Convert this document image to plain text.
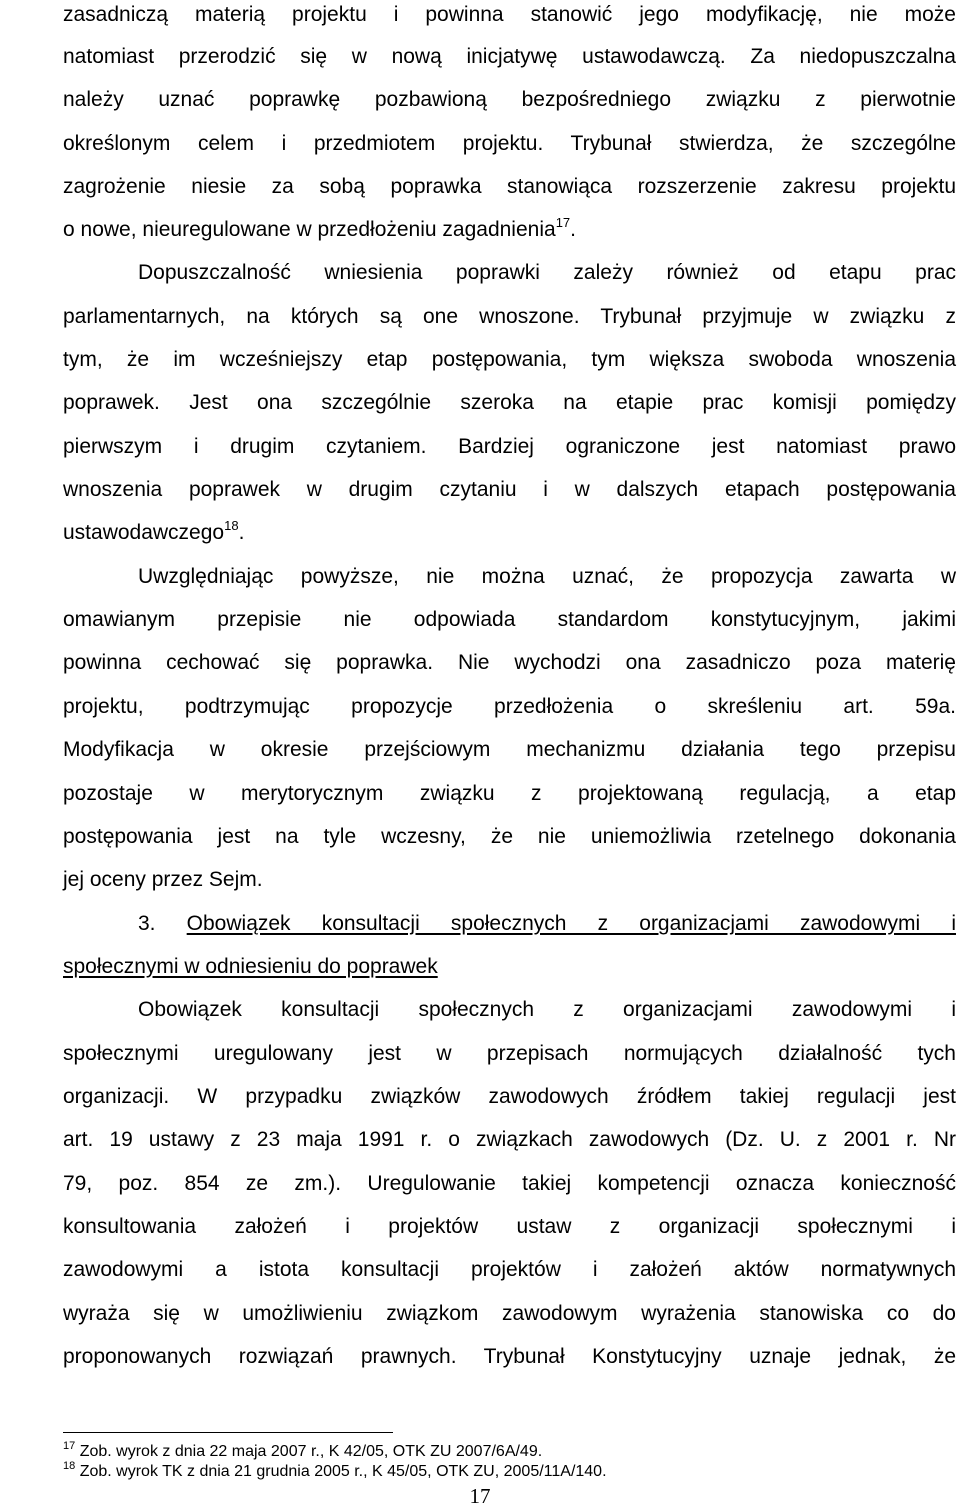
zasadniczą materią projektu i powinna stanowić jego modyfikację, nie może

natomiast przerodzić się w nową inicjatywę ustawodawczą. Za niedopuszczalna

należy uznać poprawkę pozbawioną bezpośredniego związku z pierwotnie

określonym celem i przedmiotem projektu. Trybunał stwierdza, że szczególne

zagrożenie niesie za sobą poprawka stanowiąca rozszerzenie zakresu projektu

o nowe, nieuregulowane w przedłożeniu zagadnienia$^{17}$.

Dopuszczalność wniesienia poprawki zależy również od etapu prac

parlamentarnych, na których są one wnoszone. Trybunał przyjmuje w związku z

tym, że im wcześniejszy etap postępowania, tym większa swoboda wnoszenia

poprawek. Jest ona szczególnie szeroka na etapie prac komisji pomiędzy

pierwszym i drugim czytaniem. Bardziej ograniczone jest natomiast prawo

wnoszenia poprawek w drugim czytaniu i w dalszych etapach postępowania

ustawodawczego$^{18}$.

Uwzględniając powyższe, nie można uznać, że propozycja zawarta w

omawianym przepisie nie odpowiada standardom konstytucyjnym, jakimi

powinna cechować się poprawka. Nie wychodzi ona zasadniczo poza materię

projektu, podtrzymując propozycje przedłożenia o skreśleniu art. 59a.

Modyfikacja w okresie przejściowym mechanizmu działania tego przepisu

pozostaje w merytorycznym związku z projektowaną regulacją, a etap

postępowania jest na tyle wczesny, że nie uniemożliwia rzetelnego dokonania

jej oceny przez Sejm.

3. Obowiązek konsultacji społecznych z organizacjami zawodowymi i

społecznymi w odniesieniu do poprawek

Obowiązek konsultacji społecznych z organizacjami zawodowymi i

społecznymi uregulowany jest w przepisach normujących działalność tych

organizacji. W przypadku związków zawodowych źródłem takiej regulacji jest

art. 19 ustawy z 23 maja 1991 r. o związkach zawodowych (Dz. U. z 2001 r. Nr

79, poz. 854 ze zm.). Uregulowanie takiej kompetencji oznacza konieczność

konsultowania założeń i projektów ustaw z organizacji społecznymi i

zawodowymi a istota konsultacji projektów i założeń aktów normatywnych

wyraża się w umożliwieniu związkom zawodowym wyrażenia stanowiska co do

proponowanych rozwiązań prawnych. Trybunał Konstytucyjny uznaje jednak, że

$^{17}$ Zob. wyrok z dnia 22 maja 2007 r., K 42/05, OTK ZU 2007/6A/49.

$^{18}$ Zob. wyrok TK z dnia 21 grudnia 2005 r., K 45/05, OTK ZU, 2005/11A/140.

17
